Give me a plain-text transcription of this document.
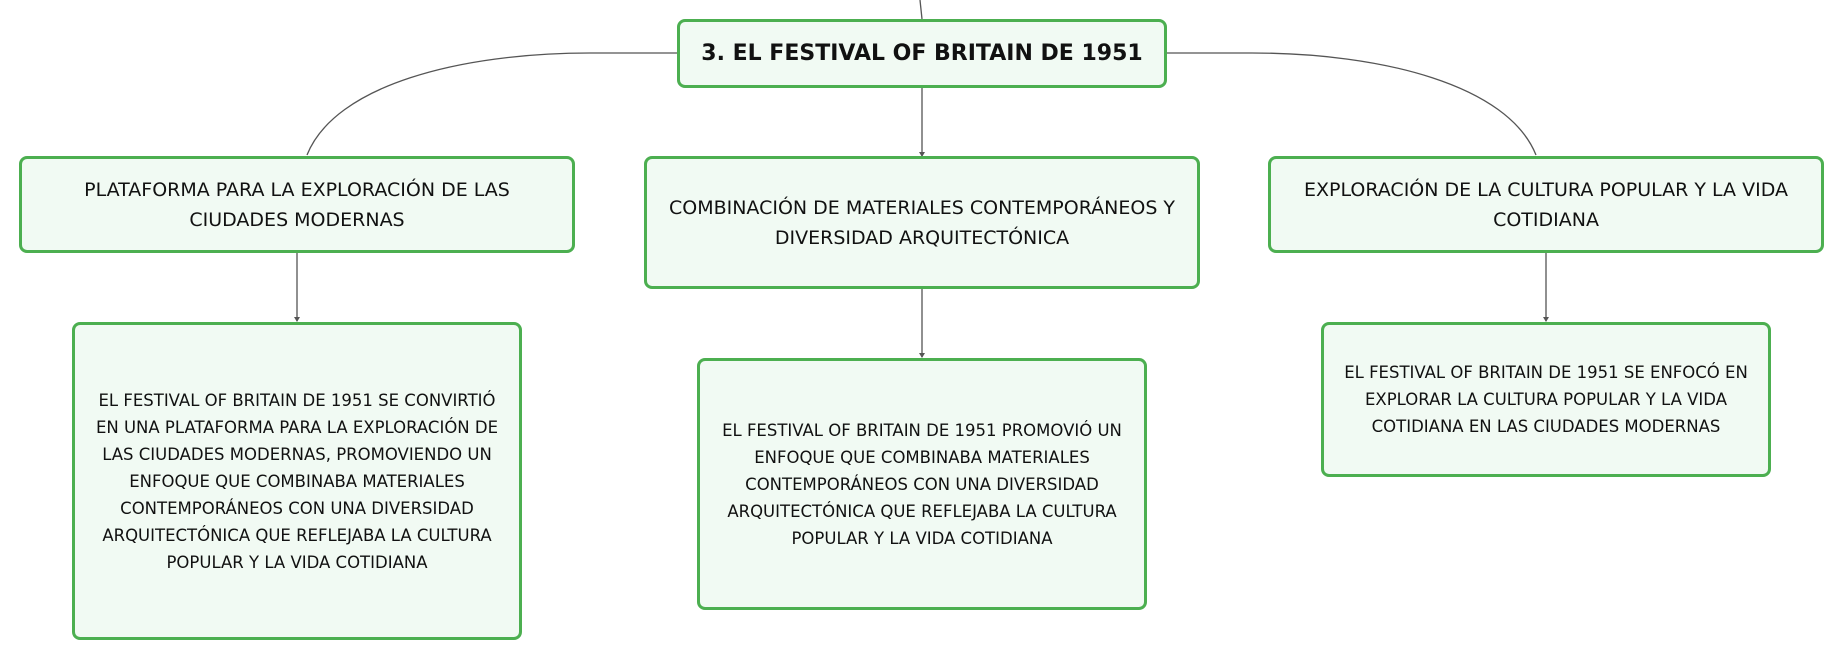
3. EL FESTIVAL OF BRITAIN DE 1951
PLATAFORMA PARA LA EXPLORACIÓN DE LAS CIUDADES MODERNAS
COMBINACIÓN DE MATERIALES CONTEMPORÁNEOS Y DIVERSIDAD ARQUITECTÓNICA
EXPLORACIÓN DE LA CULTURA POPULAR Y LA VIDA COTIDIANA
EL FESTIVAL OF BRITAIN DE 1951 SE CONVIRTIÓ EN UNA PLATAFORMA PARA LA EXPLORACIÓN DE LAS CIUDADES MODERNAS, PROMOVIENDO UN ENFOQUE QUE COMBINABA MATERIALES CONTEMPORÁNEOS CON UNA DIVERSIDAD ARQUITECTÓNICA QUE REFLEJABA LA CULTURA POPULAR Y LA VIDA COTIDIANA
EL FESTIVAL OF BRITAIN DE 1951 PROMOVIÓ UN ENFOQUE QUE COMBINABA MATERIALES CONTEMPORÁNEOS CON UNA DIVERSIDAD ARQUITECTÓNICA QUE REFLEJABA LA CULTURA POPULAR Y LA VIDA COTIDIANA
EL FESTIVAL OF BRITAIN DE 1951 SE ENFOCÓ EN EXPLORAR LA CULTURA POPULAR Y LA VIDA COTIDIANA EN LAS CIUDADES MODERNAS
